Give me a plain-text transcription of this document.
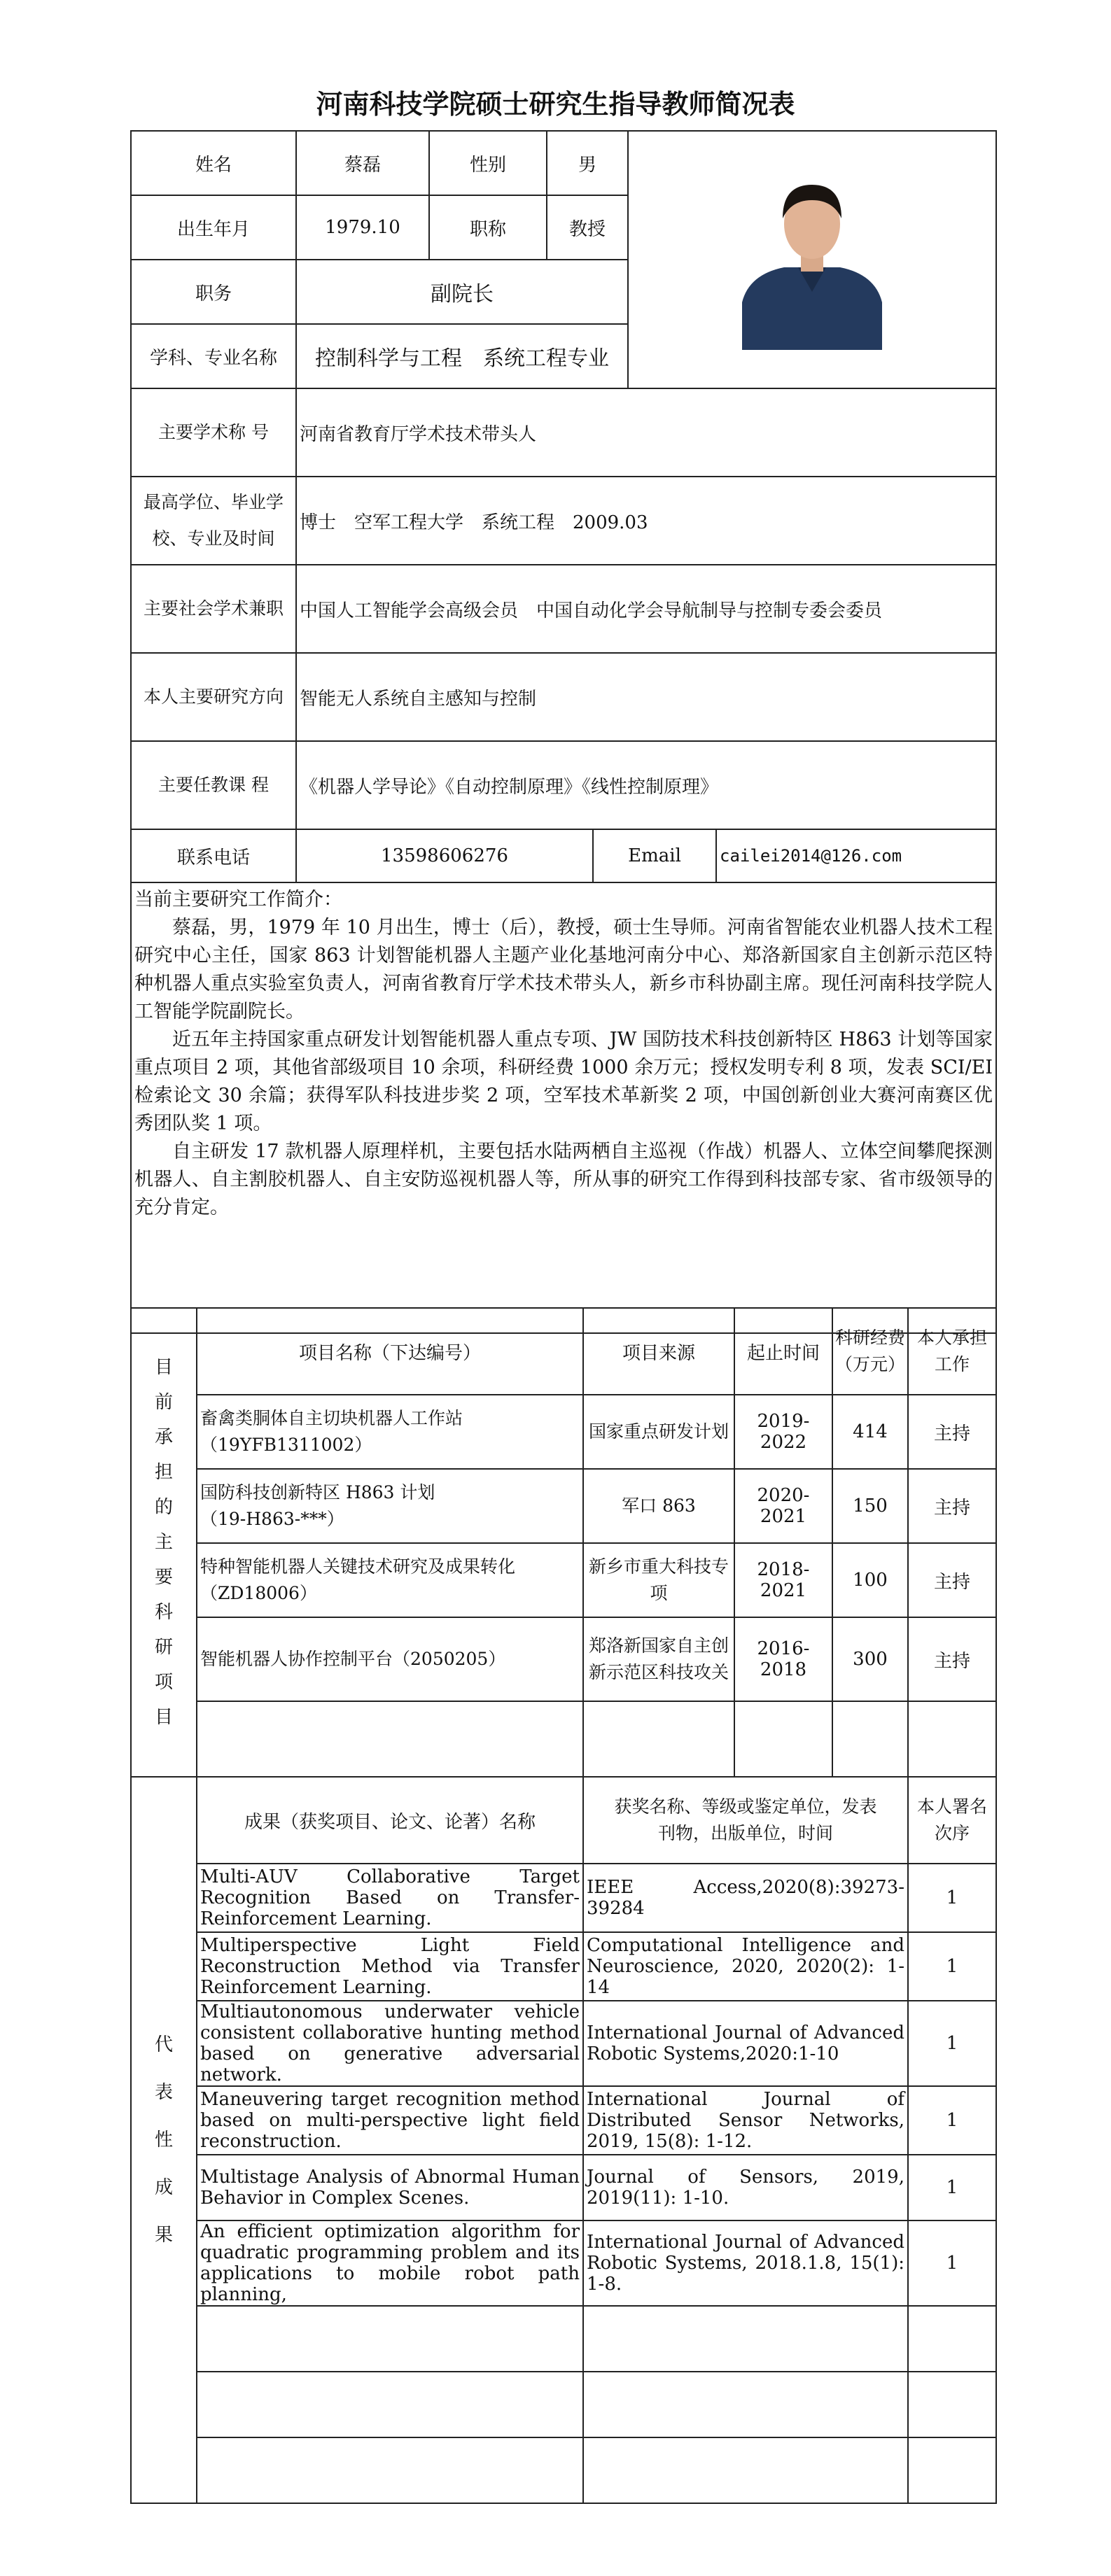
河南科技学院硕士研究生指导教师简况表
姓名	蔡磊	性别	男	

出生年月	1979.10	职称	教授			
职务	副院长					
学科、专业名称	控制科学与工程　系统工程专业					
主要学术称 号	河南省教育厅学术技术带头人					
最高学位、毕业学校、专业及时间	博士　空军工程大学　系统工程　2009.03					
主要社会学术兼职	中国人工智能学会高级会员　中国自动化学会导航制导与控制专委会委员					
本人主要研究方向	智能无人系统自主感知与控制					
主要任教课 程	《机器人学导论》《自动控制原理》《线性控制原理》					
联系电话	13598606276			Email		cailei2014@126.com

当前主要研究工作简介：

蔡磊，男，1979 年 10 月出生，博士（后），教授，硕士生导师。河南省智能农业机器人技术工程研究中心主任，国家 863 计划智能机器人主题产业化基地河南分中心、郑洛新国家自主创新示范区特种机器人重点实验室负责人，河南省教育厅学术技术带头人，新乡市科协副主席。现任河南科技学院人工智能学院副院长。

近五年主持国家重点研发计划智能机器人重点专项、JW 国防技术科技创新特区 H863 计划等国家重点项目 2 项，其他省部级项目 10 余项，科研经费 1000 余万元；授权发明专利 8 项，发表 SCI/EI 检索论文 30 余篇；获得军队科技进步奖 2 项，空军技术革新奖 2 项，中国创新创业大赛河南赛区优秀团队奖 1 项。

自主研发 17 款机器人原理样机，主要包括水陆两栖自主巡视（作战）机器人、立体空间攀爬探测机器人、自主割胶机器人、自主安防巡视机器人等，所从事的研究工作得到科技部专家、省市级领导的充分肯定。						

目前承担的主要科研项目	项目名称（下达编号）	项目来源	起止时间	科研经费（万元）	本人承担工作

	畜禽类胴体自主切块机器人工作站
（19YFB1311002）	国家重点研发计划	2019-2022	414	主持

	国防科技创新特区 H863 计划
（19-H863-***）	军口 863	2020-2021	150	主持

	特种智能机器人关键技术研究及成果转化
（ZD18006）	新乡市重大科技专项	2018-2021	100	主持
	智能机器人协作控制平台（2050205）	郑洛新国家自主创新示范区科技攻关	2016-2018	300	主持

代表性成果	成果（获奖项目、论文、论著）名称	获奖名称、等级或鉴定单位，发表刊物，出版单位，时间			本人署名次序
	Multi-AUV Collaborative Target Recognition Based on Transfer-Reinforcement Learning.	IEEE Access,2020(8):39273-39284			1
	Multiperspective Light Field Reconstruction Method via Transfer Reinforcement Learning.	Computational Intelligence and Neuroscience, 2020, 2020(2): 1-14			1
	Multiautonomous underwater vehicle consistent collaborative hunting method based on generative adversarial network.	International Journal of Advanced Robotic Systems,2020:1-10			1
	Maneuvering target recognition method based on multi-perspective light field reconstruction.	International Journal of Distributed Sensor Networks, 2019, 15(8): 1-12.			1
	Multistage Analysis of Abnormal Human Behavior in Complex Scenes.	Journal of Sensors, 2019, 2019(11): 1-10.			1
	An efficient optimization algorithm for quadratic programming problem and its applications to mobile robot path planning,	International Journal of Advanced Robotic Systems, 2018.1.8, 15(1): 1-8.			1
